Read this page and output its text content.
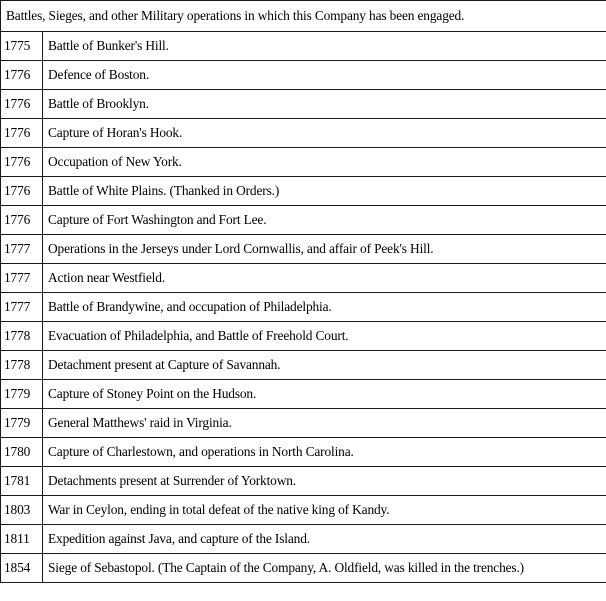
Battles, Sieges, and other Military operations in which this Company has been engaged.	
1775	Battle of Bunker's Hill.
1776	Defence of Boston.
1776	Battle of Brooklyn.
1776	Capture of Horan's Hook.
1776	Occupation of New York.
1776	Battle of White Plains. (Thanked in Orders.)
1776	Capture of Fort Washington and Fort Lee.
1777	Operations in the Jerseys under Lord Cornwallis, and affair of Peek's Hill.
1777	Action near Westfield.
1777	Battle of Brandywine, and occupation of Philadelphia.
1778	Evacuation of Philadelphia, and Battle of Freehold Court.
1778	Detachment present at Capture of Savannah.
1779	Capture of Stoney Point on the Hudson.
1779	General Matthews' raid in Virginia.
1780	Capture of Charlestown, and operations in North Carolina.
1781	Detachments present at Surrender of Yorktown.
1803	War in Ceylon, ending in total defeat of the native king of Kandy.
1811	Expedition against Java, and capture of the Island.
1854	Siege of Sebastopol. (The Captain of the Company, A. Oldfield, was killed in the trenches.)
